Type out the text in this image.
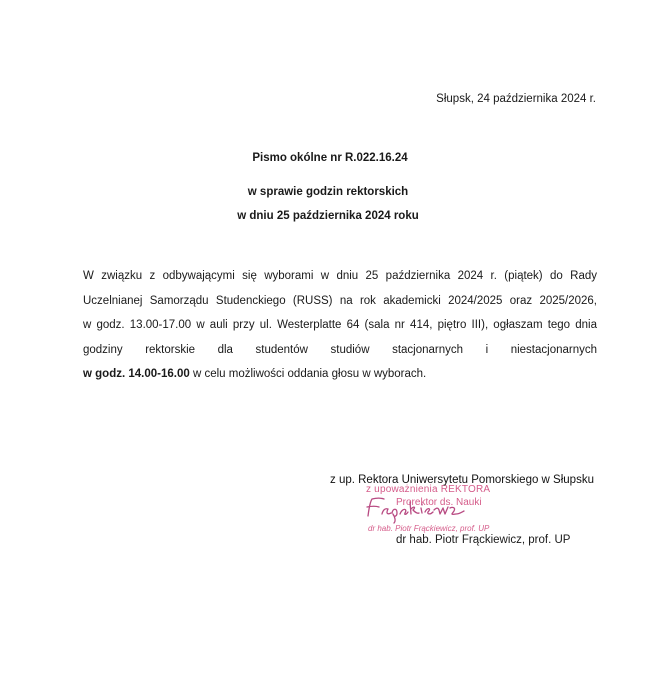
Słupsk, 24 października 2024 r.
Pismo okólne nr R.022.16.24
w sprawie godzin rektorskich
w dniu 25 października 2024 roku
W związku z odbywającymi się wyborami w dniu 25 października 2024 r. (piątek) do Rady
Uczelnianej Samorządu Studenckiego (RUSS) na rok akademicki 2024/2025 oraz 2025/2026,
w godz. 13.00-17.00 w auli przy ul. Westerplatte 64 (sala nr 414, piętro III), ogłaszam tego dnia
godziny rektorskie dla studentów studiów stacjonarnych i niestacjonarnych
w godz. 14.00-16.00 w celu możliwości oddania głosu w wyborach.
z up. Rektora Uniwersytetu Pomorskiego w Słupsku
z upoważnienia REKTORA
Prorektor ds. Nauki
dr hab. Piotr Frąckiewicz, prof. UP
dr hab. Piotr Frąckiewicz, prof. UP
